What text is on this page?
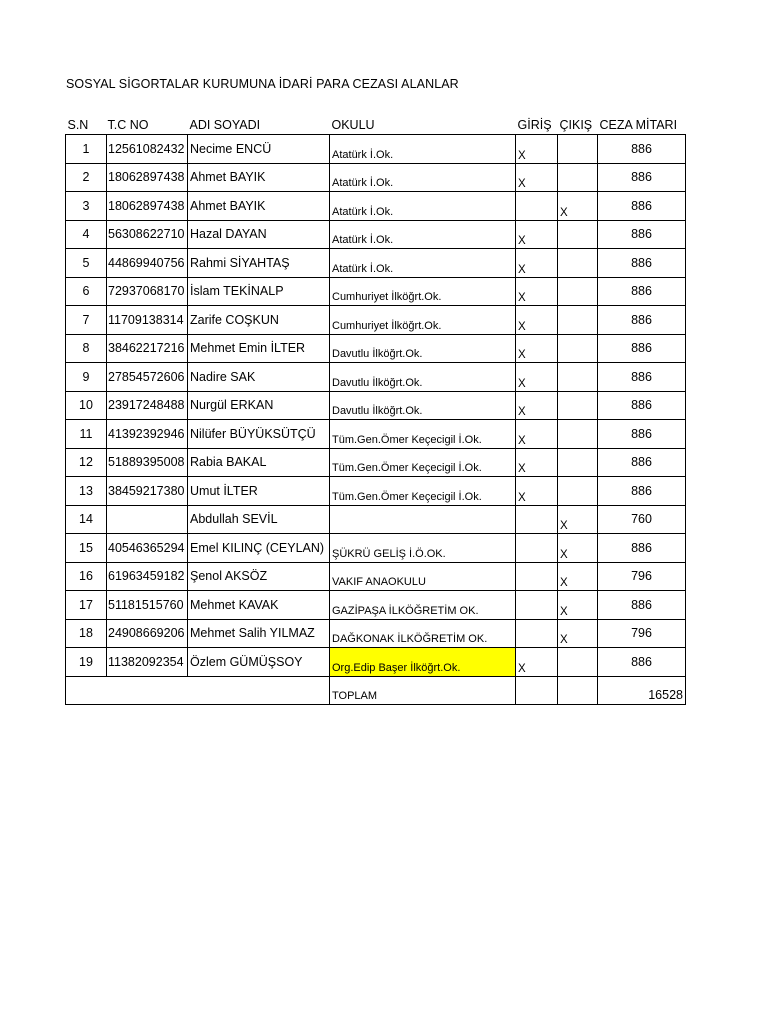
SOSYAL SİGORTALAR KURUMUNA İDARİ PARA CEZASI ALANLAR
S.N	T.C NO	ADI SOYADI	OKULU	GİRİŞ	ÇIKIŞ	CEZA MİTARI
1	12561082432	Necime ENCÜ	Atatürk İ.Ok.	X		886
2	18062897438	Ahmet BAYIK	Atatürk İ.Ok.	X		886
3	18062897438	Ahmet BAYIK	Atatürk İ.Ok.		X	886
4	56308622710	Hazal DAYAN	Atatürk İ.Ok.	X		886
5	44869940756	Rahmi SİYAHTAŞ	Atatürk İ.Ok.	X		886
6	72937068170	İslam TEKİNALP	Cumhuriyet İlköğrt.Ok.	X		886
7	11709138314	Zarife COŞKUN	Cumhuriyet İlköğrt.Ok.	X		886
8	38462217216	Mehmet Emin İLTER	Davutlu İlköğrt.Ok.	X		886
9	27854572606	Nadire SAK	Davutlu İlköğrt.Ok.	X		886
10	23917248488	Nurgül ERKAN	Davutlu İlköğrt.Ok.	X		886
11	41392392946	Nilüfer BÜYÜKSÜTÇÜ	Tüm.Gen.Ömer Keçecigil İ.Ok.	X		886
12	51889395008	Rabia BAKAL	Tüm.Gen.Ömer Keçecigil İ.Ok.	X		886
13	38459217380	Umut İLTER	Tüm.Gen.Ömer Keçecigil İ.Ok.	X		886
14		Abdullah SEVİL			X	760
15	40546365294	Emel KILINÇ (CEYLAN)	ŞÜKRÜ GELİŞ İ.Ö.OK.		X	886
16	61963459182	Şenol AKSÖZ	VAKIF ANAOKULU		X	796
17	51181515760	Mehmet KAVAK	GAZİPAŞA İLKÖĞRETİM OK.		X	886
18	24908669206	Mehmet Salih YILMAZ	DAĞKONAK İLKÖĞRETİM OK.		X	796
19	11382092354	Özlem GÜMÜŞSOY	Org.Edip Başer İlköğrt.Ok.	X		886
			TOPLAM			16528
